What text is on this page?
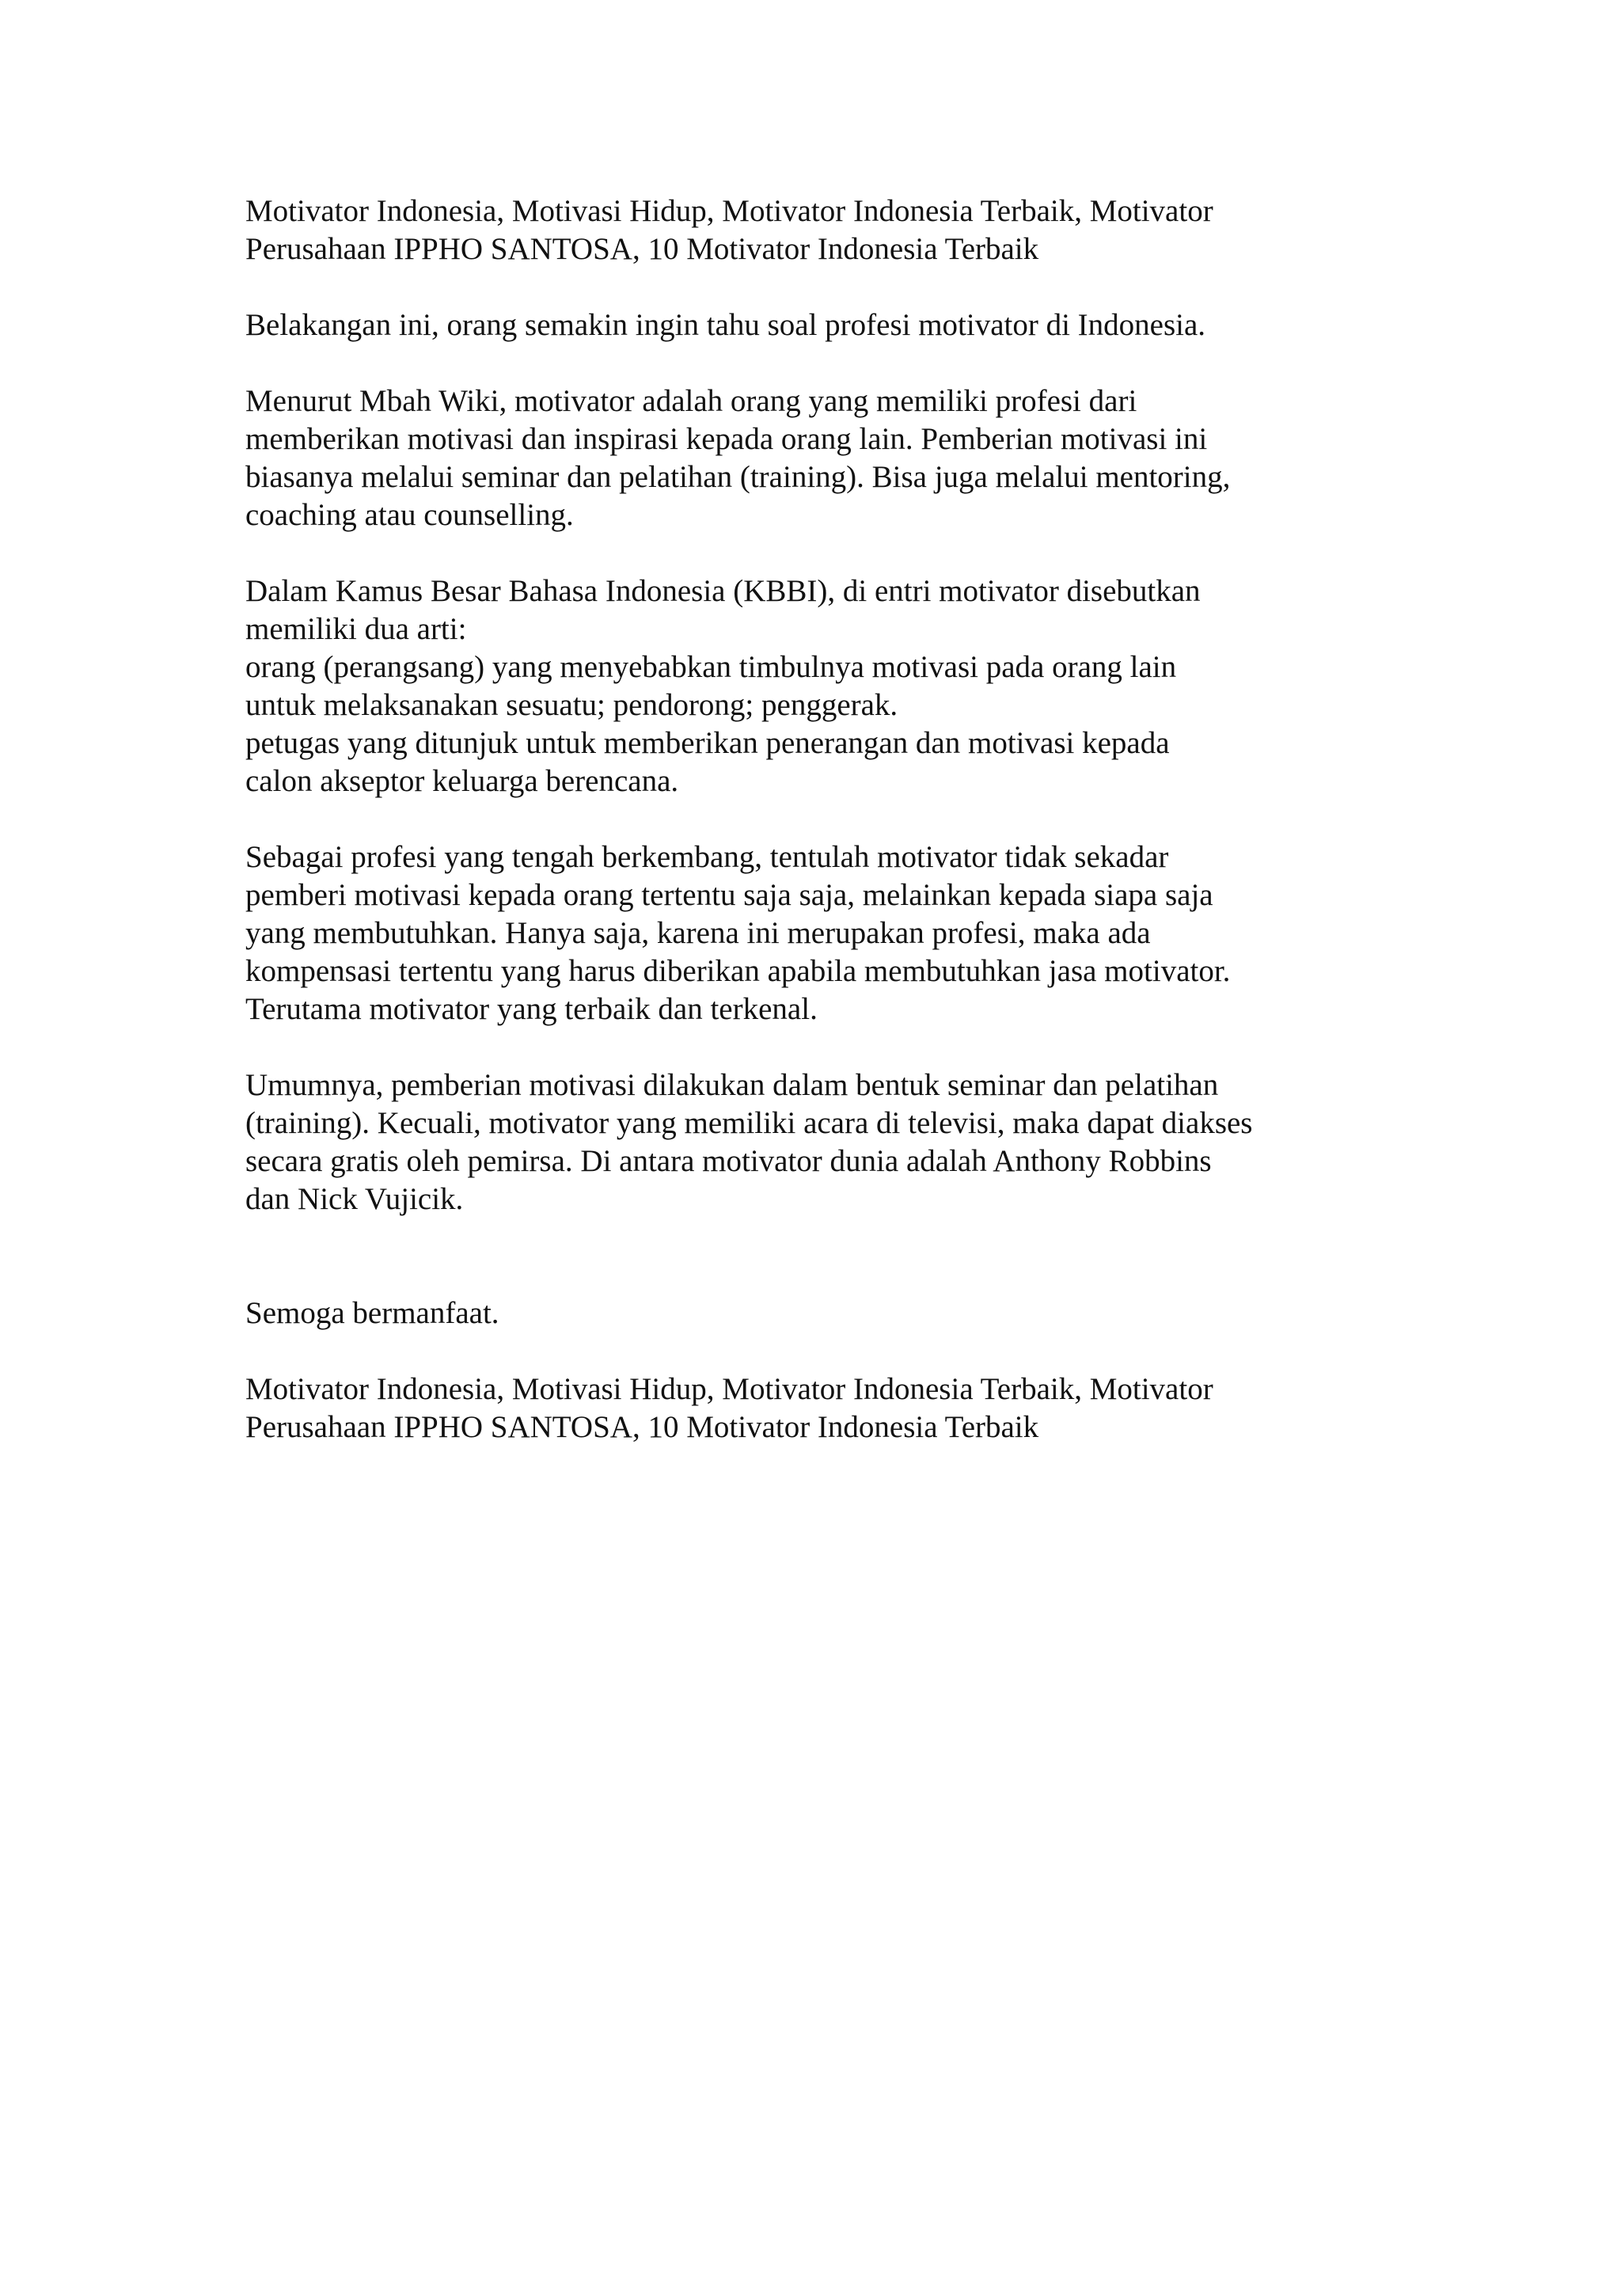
Motivator Indonesia, Motivasi Hidup, Motivator Indonesia Terbaik, Motivator
Perusahaan IPPHO SANTOSA, 10 Motivator Indonesia Terbaik

Belakangan ini, orang semakin ingin tahu soal profesi motivator di Indonesia.

Menurut Mbah Wiki, motivator adalah orang yang memiliki profesi dari
memberikan motivasi dan inspirasi kepada orang lain. Pemberian motivasi ini
biasanya melalui seminar dan pelatihan (training). Bisa juga melalui mentoring,
coaching atau counselling.

Dalam Kamus Besar Bahasa Indonesia (KBBI), di entri motivator disebutkan
memiliki dua arti:
orang (perangsang) yang menyebabkan timbulnya motivasi pada orang lain
untuk melaksanakan sesuatu; pendorong; penggerak.
petugas yang ditunjuk untuk memberikan penerangan dan motivasi kepada
calon akseptor keluarga berencana.

Sebagai profesi yang tengah berkembang, tentulah motivator tidak sekadar
pemberi motivasi kepada orang tertentu saja saja, melainkan kepada siapa saja
yang membutuhkan. Hanya saja, karena ini merupakan profesi, maka ada
kompensasi tertentu yang harus diberikan apabila membutuhkan jasa motivator.
Terutama motivator yang terbaik dan terkenal.

Umumnya, pemberian motivasi dilakukan dalam bentuk seminar dan pelatihan
(training). Kecuali, motivator yang memiliki acara di televisi, maka dapat diakses
secara gratis oleh pemirsa. Di antara motivator dunia adalah Anthony Robbins
dan Nick Vujicik.

Semoga bermanfaat.

Motivator Indonesia, Motivasi Hidup, Motivator Indonesia Terbaik, Motivator
Perusahaan IPPHO SANTOSA, 10 Motivator Indonesia Terbaik
